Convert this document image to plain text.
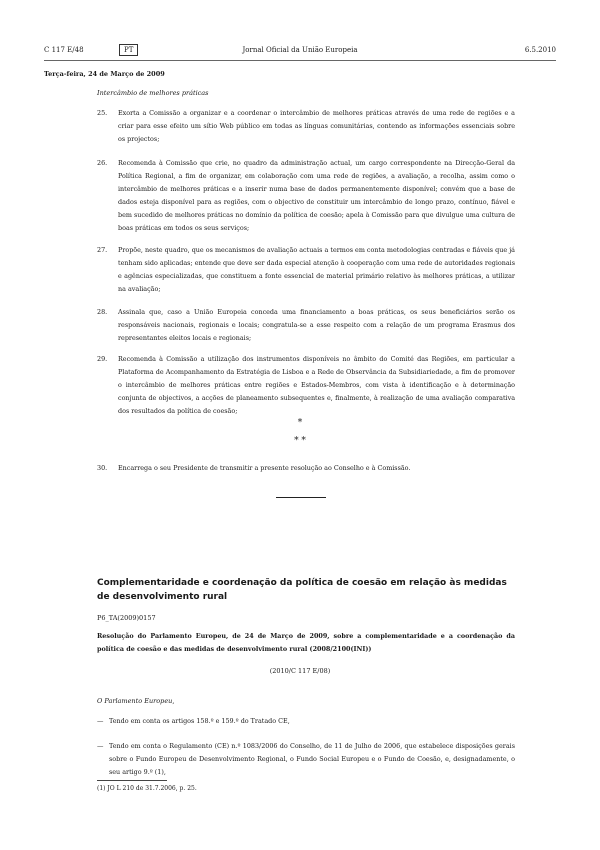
C 117 E/48	PT	Jornal Oficial da União Europeia	6.5.2010
Terça-feira, 24 de Março de 2009
Intercâmbio de melhores práticas
25.	Exorta a Comissão a organizar e a coordenar o intercâmbio de melhores práticas através de uma rede de regiões e a criar para esse efeito um sítio Web público em todas as línguas comunitárias, contendo as informações essenciais sobre os projectos;
26.	Recomenda à Comissão que crie, no quadro da administração actual, um cargo correspondente na Direcção-Geral da Política Regional, a fim de organizar, em colaboração com uma rede de regiões, a avaliação, a recolha, assim como o intercâmbio de melhores práticas e a inserir numa base de dados permanentemente disponível; convém que a base de dados esteja disponível para as regiões, com o objectivo de constituir um intercâmbio de longo prazo, contínuo, fiável e bem sucedido de melhores práticas no domínio da política de coesão; apela à Comissão para que divulgue uma cultura de boas práticas em todos os seus serviços;
27.	Propõe, neste quadro, que os mecanismos de avaliação actuais a termos em conta metodologias centradas e fiáveis que já tenham sido aplicadas; entende que deve ser dada especial atenção à cooperação com uma rede de autoridades regionais e agências especializadas, que constituem a fonte essencial de material primário relativo às melhores práticas, a utilizar na avaliação;
28.	Assinala que, caso a União Europeia conceda uma financiamento a boas práticas, os seus beneficiários serão os responsáveis nacionais, regionais e locais; congratula-se a esse respeito com a relação de um programa Erasmus dos representantes eleitos locais e regionais;
29.	Recomenda à Comissão a utilização dos instrumentos disponíveis no âmbito do Comité das Regiões, em particular a Plataforma de Acompanhamento da Estratégia de Lisboa e a Rede de Observância da Subsidiariedade, a fim de promover o intercâmbio de melhores práticas entre regiões e Estados-Membros, com vista à identificação e à determinação conjunta de objectivos, a acções de planeamento subsequentes e, finalmente, à realização de uma avaliação comparativa dos resultados da política de coesão;
*
* *
30.	Encarrega o seu Presidente de transmitir a presente resolução ao Conselho e à Comissão.
Complementaridade e coordenação da política de coesão em relação às medidas de desenvolvimento rural
P6_TA(2009)0157
Resolução do Parlamento Europeu, de 24 de Março de 2009, sobre a complementaridade e a coordenação da política de coesão e das medidas de desenvolvimento rural (2008/2100(INI))
(2010/C 117 E/08)
O Parlamento Europeu,
— Tendo em conta os artigos 158.º e 159.º do Tratado CE,
— Tendo em conta o Regulamento (CE) n.º 1083/2006 do Conselho, de 11 de Julho de 2006, que estabelece disposições gerais sobre o Fundo Europeu de Desenvolvimento Regional, o Fundo Social Europeu e o Fundo de Coesão, e, designadamente, o seu artigo 9.º (1),
(1) JO L 210 de 31.7.2006, p. 25.
